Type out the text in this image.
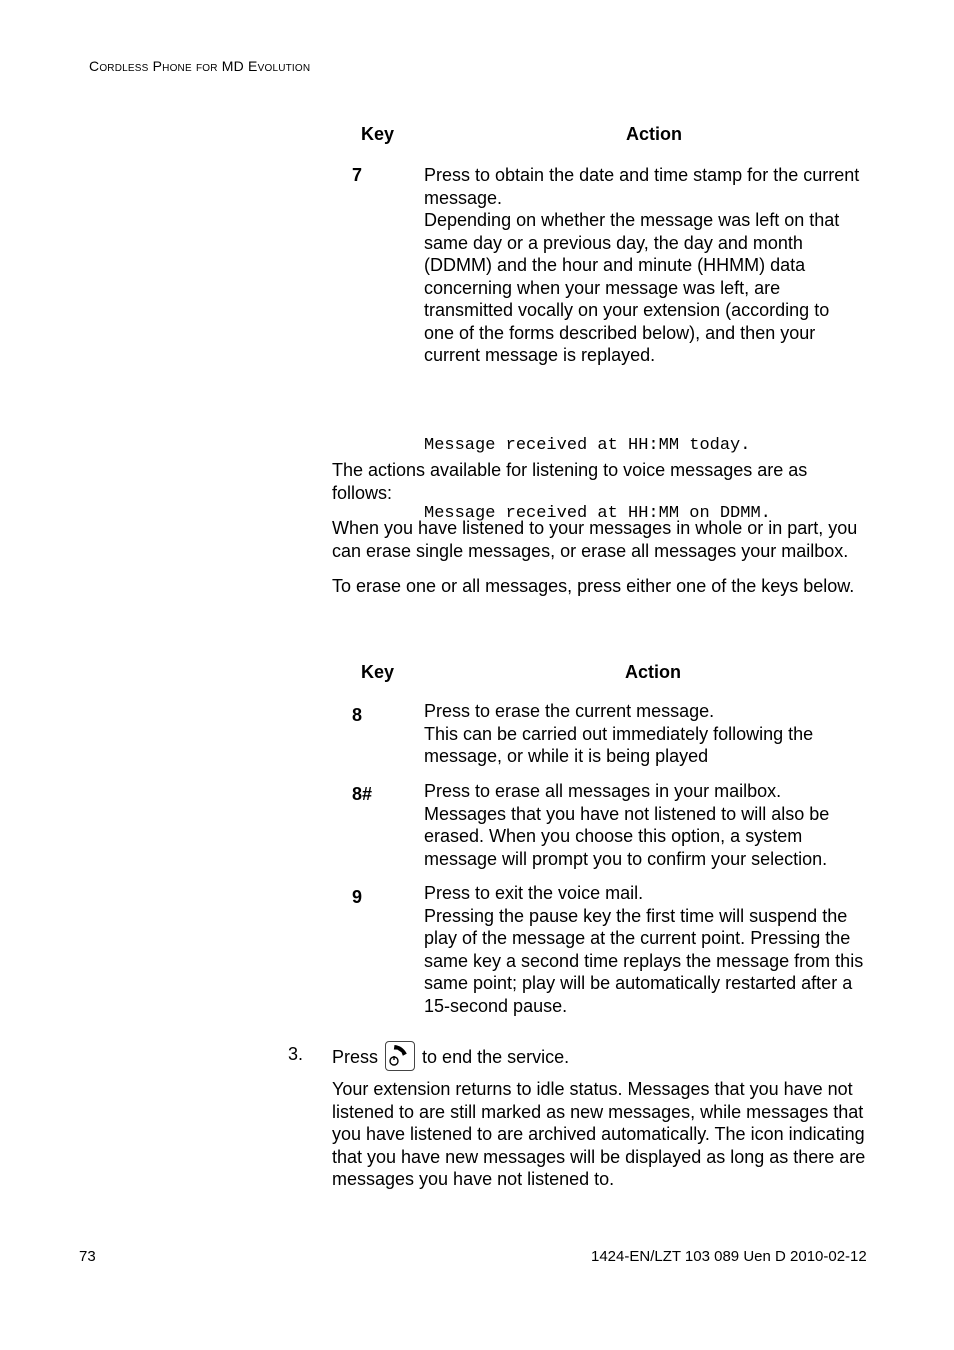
Cordless Phone for MD Evolution
Key	Action
7	Press to obtain the date and time stamp for the current
message.
Depending on whether the message was left on that
same day or a previous day, the day and month
(DDMM) and the hour and minute (HHMM) data
concerning when your message was left, are
transmitted vocally on your extension (according to
one of the forms described below), and then your
current message is replayed.

Message received at HH:MM today.

Message received at HH:MM on DDMM.

The actions available for listening to voice messages are as
follows:
When you have listened to your messages in whole or in part, you
can erase single messages, or erase all messages your mailbox.
To erase one or all messages, press either one of the keys below.
Key	Action
8	Press to erase the current message.
This can be carried out immediately following the
message, or while it is being played
8#	Press to erase all messages in your mailbox.
Messages that you have not listened to will also be
erased. When you choose this option, a system
message will prompt you to confirm your selection.
9	Press to exit the voice mail.
Pressing the pause key the first time will suspend the
play of the message at the current point. Pressing the
same key a second time replays the message from this
same point; play will be automatically restarted after a
15-second pause.
3. Press to end the service.
Your extension returns to idle status. Messages that you have not
listened to are still marked as new messages, while messages that
you have listened to are archived automatically. The icon indicating
that you have new messages will be displayed as long as there are
messages you have not listened to.
73	1424-EN/LZT 103 089 Uen D 2010-02-12
